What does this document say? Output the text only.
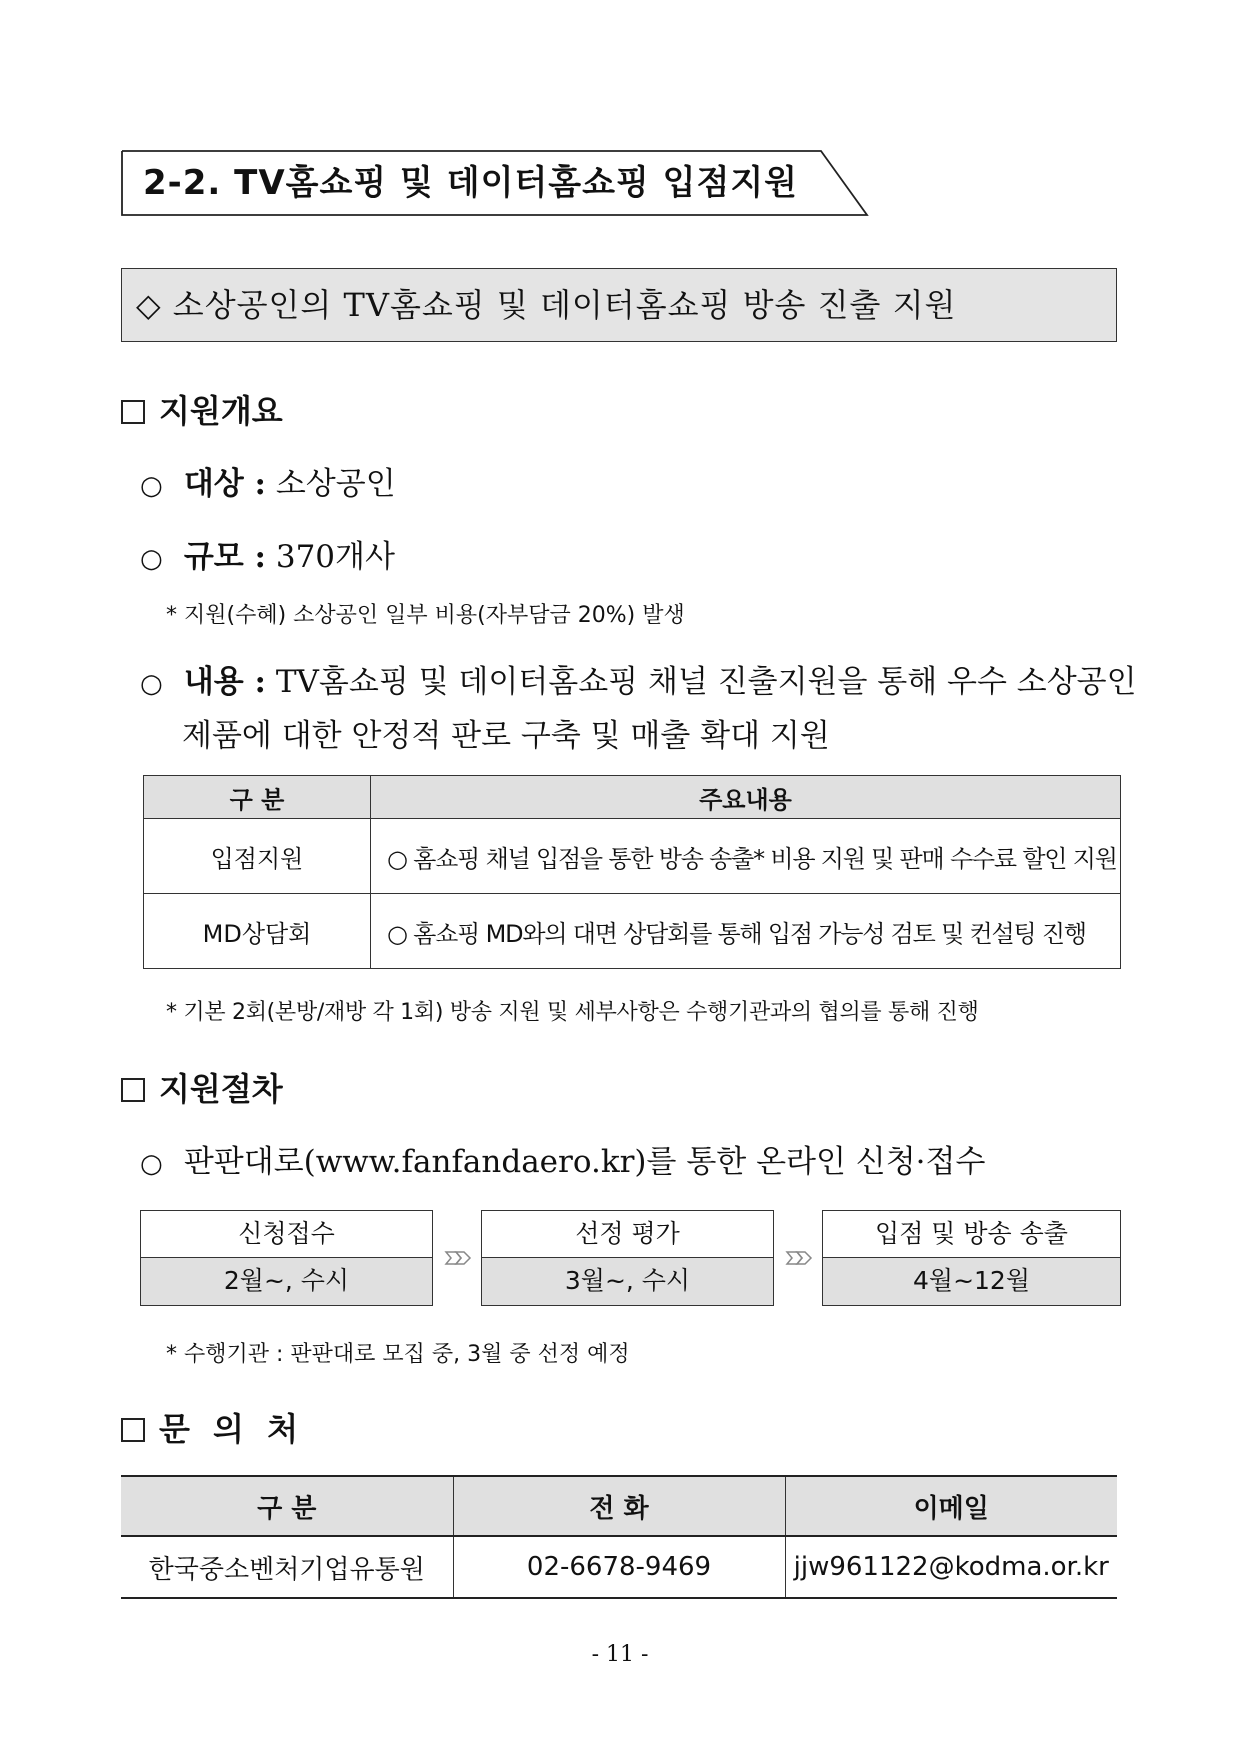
2-2. TV홈쇼핑 및 데이터홈쇼핑 입점지원
◇ 소상공인의 TV홈쇼핑 및 데이터홈쇼핑 방송 진출 지원
지원개요
○ 대상 : 소상공인
○ 규모 : 370개사
* 지원(수혜) 소상공인 일부 비용(자부담금 20%) 발생
○ 내용 : TV홈쇼핑 및 데이터홈쇼핑 채널 진출지원을 통해 우수 소상공인
제품에 대한 안정적 판로 구축 및 매출 확대 지원
구 분	주요내용
입점지원	○ 홈쇼핑 채널 입점을 통한 방송 송출* 비용 지원 및 판매 수수료 할인 지원
MD상담회	○ 홈쇼핑 MD와의 대면 상담회를 통해 입점 가능성 검토 및 컨설팅 진행
* 기본 2회(본방/재방 각 1회) 방송 지원 및 세부사항은 수행기관과의 협의를 통해 진행
지원절차
○ 판판대로(www.fanfandaero.kr)를 통한 온라인 신청·접수
신청접수
2월~, 수시
선정 평가
3월~, 수시
입점 및 방송 송출
4월~12월
* 수행기관 : 판판대로 모집 중, 3월 중 선정 예정
문 의 처
구 분	전 화	이메일
한국중소벤처기업유통원	02-6678-9469	jjw961122@kodma.or.kr
- 11 -
